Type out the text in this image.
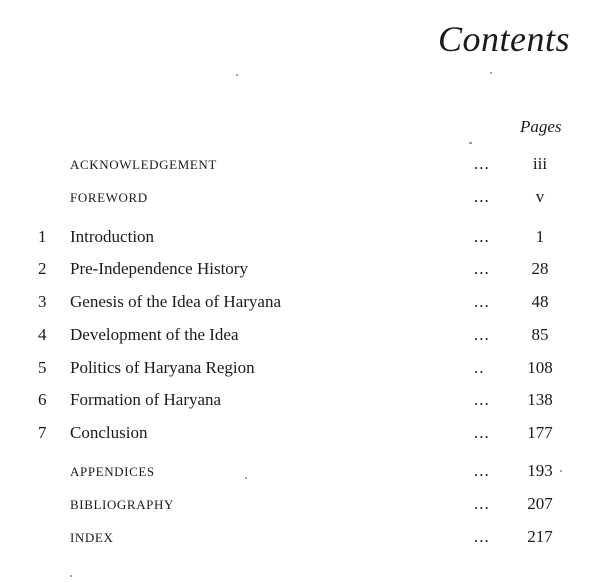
Contents
Pages
ACKNOWLEDGEMENT	...	iii
FOREWORD	...	v
1 Introduction	...	1
2 Pre-Independence History	...	28
3 Genesis of the Idea of Haryana	...	48
4 Development of the Idea	...	85
5 Politics of Haryana Region	..	108
6 Formation of Haryana	...	138
7 Conclusion	...	177
APPENDICES	...	193
BIBLIOGRAPHY	...	207
INDEX	...	217
